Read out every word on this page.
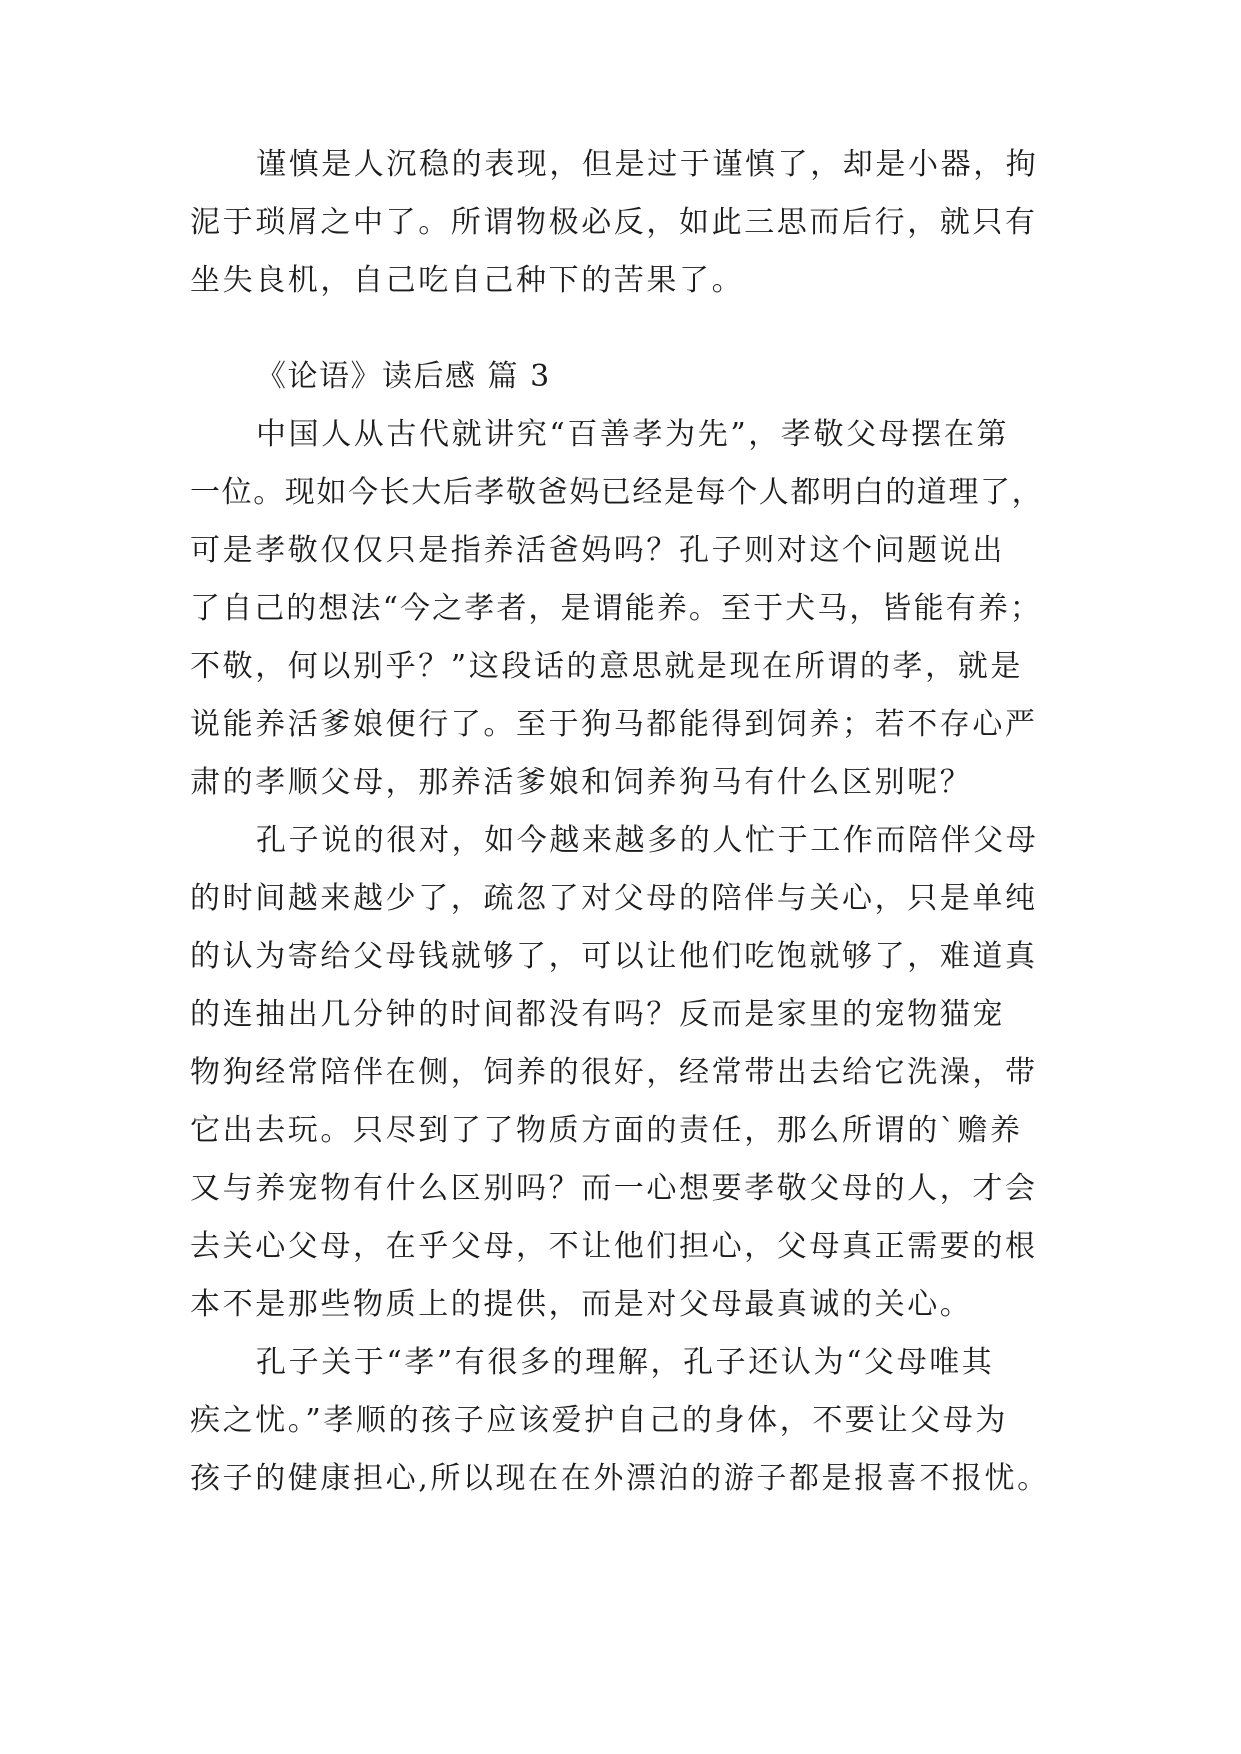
谨慎是人沉稳的表现，但是过于谨慎了，却是小器，拘
泥于琐屑之中了。所谓物极必反，如此三思而后行，就只有
坐失良机，自己吃自己种下的苦果了。
《论语》读后感 篇 3
中国人从古代就讲究“百善孝为先”，孝敬父母摆在第
一位。现如今长大后孝敬爸妈已经是每个人都明白的道理了，
可是孝敬仅仅只是指养活爸妈吗？孔子则对这个问题说出
了自己的想法“今之孝者，是谓能养。至于犬马，皆能有养；
不敬，何以别乎？”这段话的意思就是现在所谓的孝，就是
说能养活爹娘便行了。至于狗马都能得到饲养；若不存心严
肃的孝顺父母，那养活爹娘和饲养狗马有什么区别呢？
孔子说的很对，如今越来越多的人忙于工作而陪伴父母
的时间越来越少了，疏忽了对父母的陪伴与关心，只是单纯
的认为寄给父母钱就够了，可以让他们吃饱就够了，难道真
的连抽出几分钟的时间都没有吗？反而是家里的宠物猫宠
物狗经常陪伴在侧，饲养的很好，经常带出去给它洗澡，带
它出去玩。只尽到了了物质方面的责任，那么所谓的`赡养
又与养宠物有什么区别吗？而一心想要孝敬父母的人，才会
去关心父母，在乎父母，不让他们担心，父母真正需要的根
本不是那些物质上的提供，而是对父母最真诚的关心。
孔子关于“孝”有很多的理解，孔子还认为“父母唯其
疾之忧。”孝顺的孩子应该爱护自己的身体，不要让父母为
孩子的健康担心,所以现在在外漂泊的游子都是报喜不报忧。
